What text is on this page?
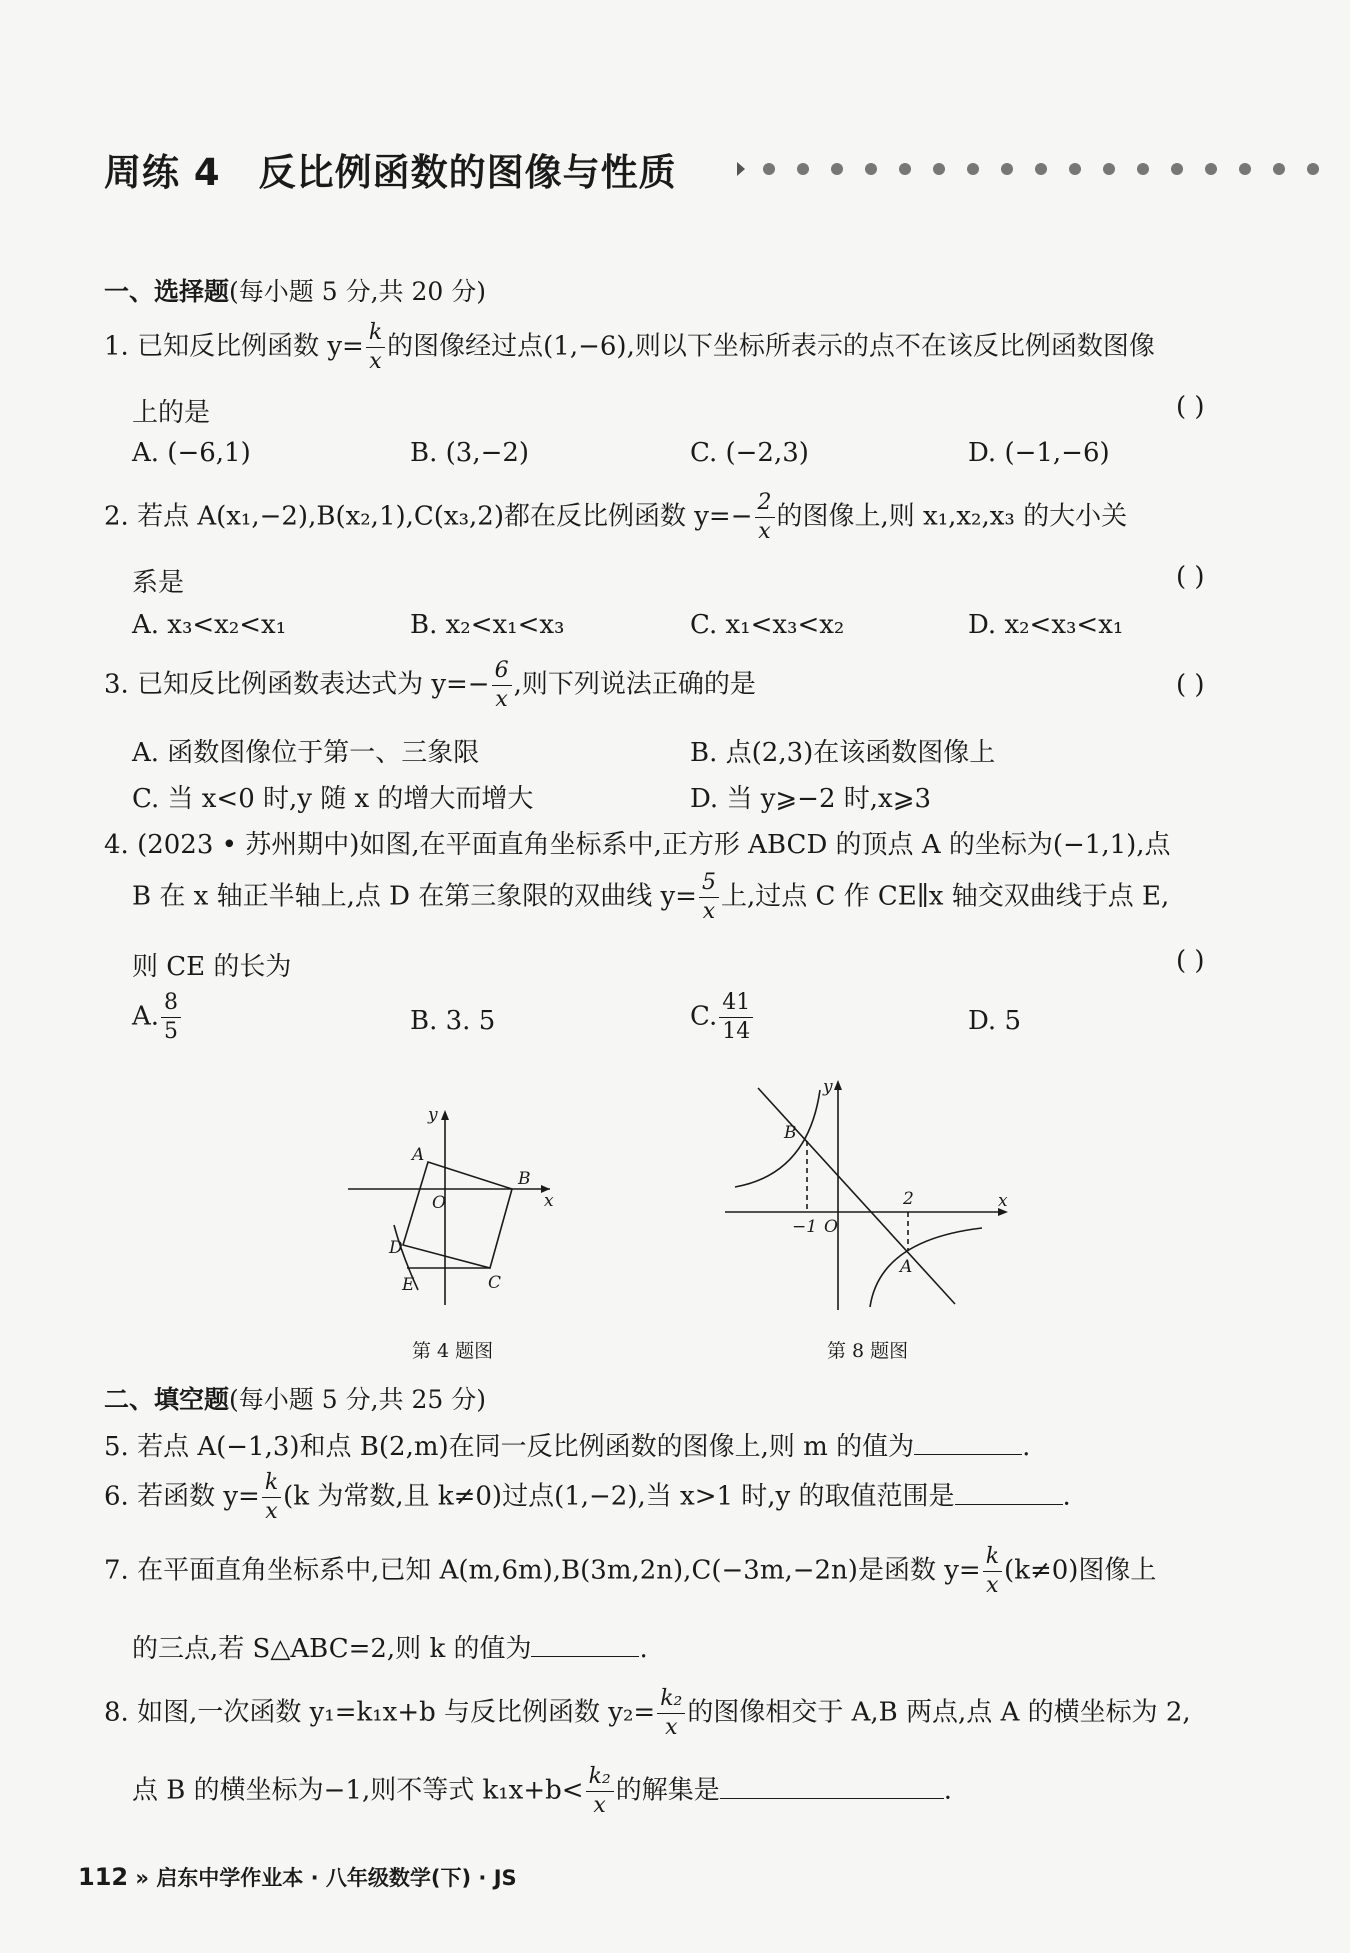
周练 4 反比例函数的图像与性质
一、选择题(每小题 5 分,共 20 分)
1. 已知反比例函数 $y= \frac{k}{x}$ 的图像经过点(1,−6),则以下坐标所表示的点不在该反比例函数图像
上的是	( )
A. (−6,1)	B. (3,−2)	C. (−2,3)	D. (−1,−6)
2. 若点 A(x₁,−2),B(x₂,1),C(x₃,2)都在反比例函数 $y=- \frac{2}{x}$ 的图像上,则 x₁,x₂,x₃ 的大小关
系是	( )
A. x₃<x₂<x₁	B. x₂<x₁<x₃	C. x₁<x₃<x₂	D. x₂<x₃<x₁
3. 已知反比例函数表达式为 $y=- \frac{6}{x}$ ,则下列说法正确的是	( )
A. 函数图像位于第一、三象限	B. 点(2,3)在该函数图像上
C. 当 x<0 时,y 随 x 的增大而增大	D. 当 y⩾−2 时,x⩾3
4. (2023 • 苏州期中)如图,在平面直角坐标系中,正方形 ABCD 的顶点 A 的坐标为(−1,1),点
B 在 x 轴正半轴上,点 D 在第三象限的双曲线 $y= \frac{5}{x}$ 上,过点 C 作 CE∥x 轴交双曲线于点 E,
则 CE 的长为	( )
A. $\frac{8}{5}$	B. 3. 5	C. $\frac{41}{14}$	D. 5
A
B
C
D
E
O	x
y
第 4 题图
B
A
O
x
y
−1
2
第 8 题图
二、填空题(每小题 5 分,共 25 分)
5. 若点 A(−1,3)和点 B(2,m)在同一反比例函数的图像上,则 m 的值为	.
6. 若函数 $y= \frac{k}{x} (k$ 为常数,且 k≠0)过点(1,−2),当 x>1 时,y 的取值范围是	.
7. 在平面直角坐标系中,已知 A(m,6m),B(3m,2n),C(−3m,−2n)是函数 $y= \frac{k}{x} (k\ne 0)$图像上
的三点,若 S△ABC=2,则 k 的值为	.
8. 如图,一次函数 y₁=k₁x+b 与反比例函数 $y_2= \frac{\text{k₂}}{x}$ 的图像相交于 A,B 两点,点 A 的横坐标为 2,
点 B 的横坐标为−1,则不等式 $k_1x+b< \frac{\text{k₂}}{x}$ 的解集是	.
112 » 启东中学作业本 · 八年级数学(下) · JS
